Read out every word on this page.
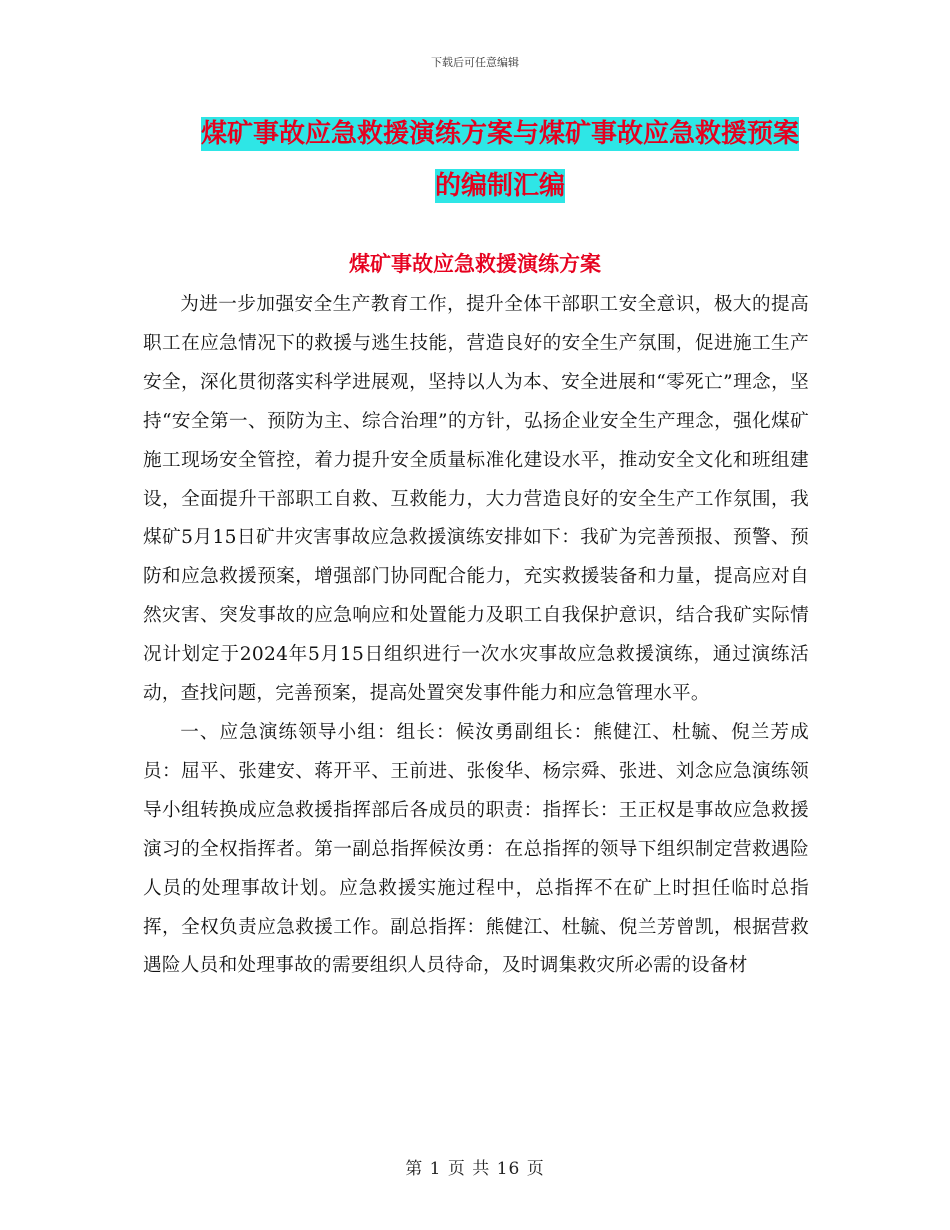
下载后可任意编辑
煤矿事故应急救援演练方案与煤矿事故应急救援预案
的编制汇编
煤矿事故应急救援演练方案

为进一步加强安全生产教育工作，提升全体干部职工安全意识，极大的提高职工在应急情况下的救援与逃生技能，营造良好的安全生产氛围，促进施工生产安全，深化贯彻落实科学进展观，坚持以人为本、安全进展和“零死亡”理念，坚持“安全第一、预防为主、综合治理”的方针，弘扬企业安全生产理念，强化煤矿施工现场安全管控，着力提升安全质量标准化建设水平，推动安全文化和班组建设，全面提升干部职工自救、互救能力，大力营造良好的安全生产工作氛围，我煤矿5月15日矿井灾害事故应急救援演练安排如下：我矿为完善预报、预警、预防和应急救援预案，增强部门协同配合能力，充实救援装备和力量，提高应对自然灾害、突发事故的应急响应和处置能力及职工自我保护意识，结合我矿实际情况计划定于2024年5月15日组织进行一次水灾事故应急救援演练，通过演练活动，查找问题，完善预案，提高处置突发事件能力和应急管理水平。

一、应急演练领导小组：组长：候汝勇副组长：熊健江、杜毓、倪兰芳成 员：屈平、张建安、蒋开平、王前进、张俊华、杨宗舜、张进、刘念应急演练领导小组转换成应急救援指挥部后各成员的职责：指挥长：王正权是事故应急救援演习的全权指挥者。第一副总指挥候汝勇：在总指挥的领导下组织制定营救遇险人员的处理事故计划。应急救援实施过程中，总指挥不在矿上时担任临时总指挥，全权负责应急救援工作。副总指挥：熊健江、杜毓、倪兰芳曾凯，根据营救遇险人员和处理事故的需要组织人员待命，及时调集救灾所必需的设备材

第 1 页 共 16 页
